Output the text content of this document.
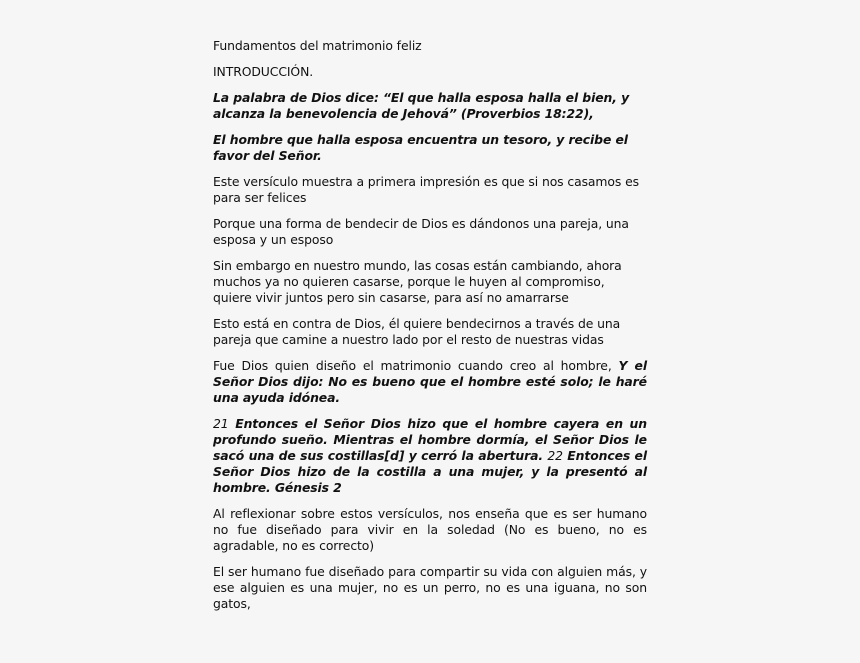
Fundamentos del matrimonio feliz

INTRODUCCIÓN.

La palabra de Dios dice: “El que halla esposa halla el bien, y alcanza la benevolencia de Jehová” (Proverbios 18:22),

El hombre que halla esposa encuentra un tesoro, y recibe el favor del Señor.

Este versículo muestra a primera impresión es que si nos casamos es para ser felices

Porque una forma de bendecir de Dios es dándonos una pareja, una esposa y un esposo

Sin embargo en nuestro mundo, las cosas están cambiando, ahora muchos ya no quieren casarse, porque le huyen al compromiso, quiere vivir juntos pero sin casarse, para así no amarrarse

Esto está en contra de Dios, él quiere bendecirnos a través de una pareja que camine a nuestro lado por el resto de nuestras vidas

Fue Dios quien diseño el matrimonio cuando creo al hombre, Y el Señor Dios dijo: No es bueno que el hombre esté solo; le haré una ayuda idónea.

21 Entonces el Señor Dios hizo que el hombre cayera en un profundo sueño. Mientras el hombre dormía, el Señor Dios le sacó una de sus costillas[d] y cerró la abertura. 22 Entonces el Señor Dios hizo de la costilla a una mujer, y la presentó al hombre. Génesis 2

Al reflexionar sobre estos versículos, nos enseña que es ser humano no fue diseñado para vivir en la soledad (No es bueno, no es agradable, no es correcto)

El ser humano fue diseñado para compartir su vida con alguien más, y ese alguien es una mujer, no es un perro, no es una iguana, no son gatos,
